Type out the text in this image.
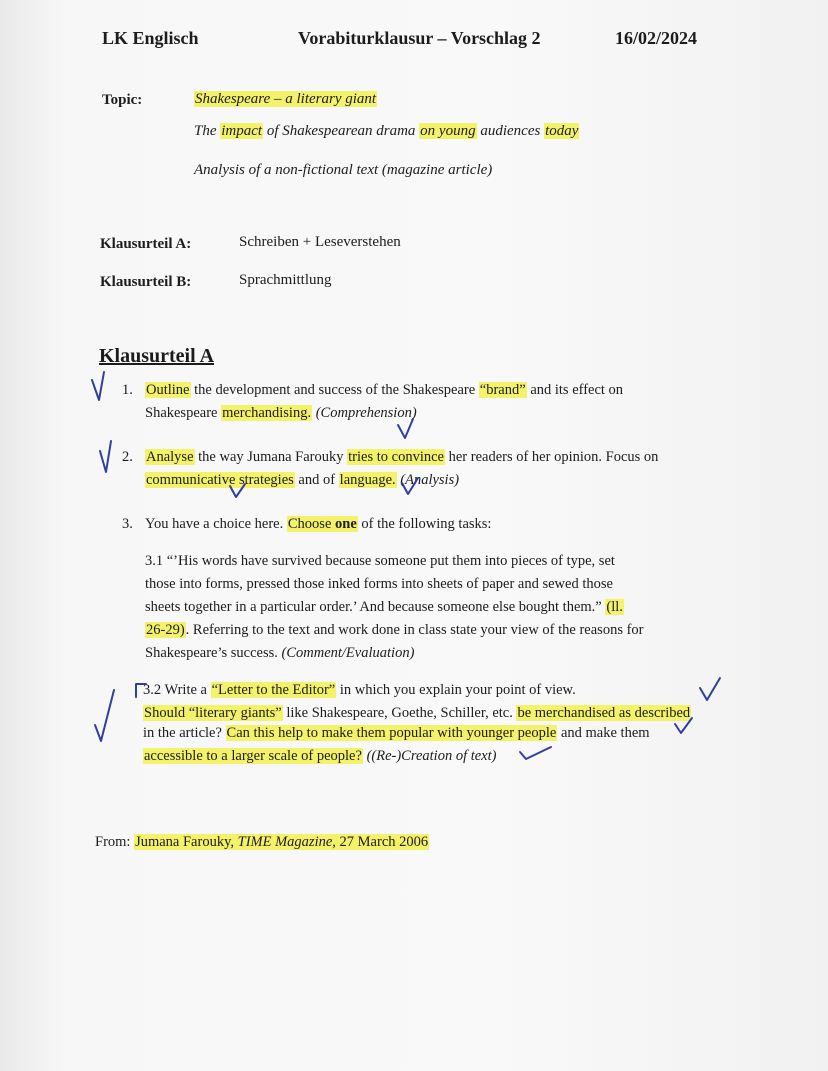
LK Englisch	Vorabiturklausur – Vorschlag 2	16/02/2024
Topic:	Shakespeare – a literary giant
The impact of Shakespearean drama on young audiences today
Analysis of a non-fictional text (magazine article)
Klausurteil A:	Schreiben + Leseverstehen
Klausurteil B:	Sprachmittlung
Klausurteil A
1. Outline the development and success of the Shakespeare “brand” and its effect on
Shakespeare merchandising. (Comprehension)
2. Analyse the way Jumana Farouky tries to convince her readers of her opinion. Focus on
communicative strategies and of language. (Analysis)
3. You have a choice here. Choose one of the following tasks:
3.1 “’His words have survived because someone put them into pieces of type, set
those into forms, pressed those inked forms into sheets of paper and sewed those
sheets together in a particular order.’ And because someone else bought them.” (ll.
26-29). Referring to the text and work done in class state your view of the reasons for
Shakespeare’s success. (Comment/Evaluation)
3.2 Write a “Letter to the Editor” in which you explain your point of view.
Should “literary giants” like Shakespeare, Goethe, Schiller, etc. be merchandised as described
in the article? Can this help to make them popular with younger people and make them
accessible to a larger scale of people? ((Re-)Creation of text)
From: Jumana Farouky, TIME Magazine, 27 March 2006
